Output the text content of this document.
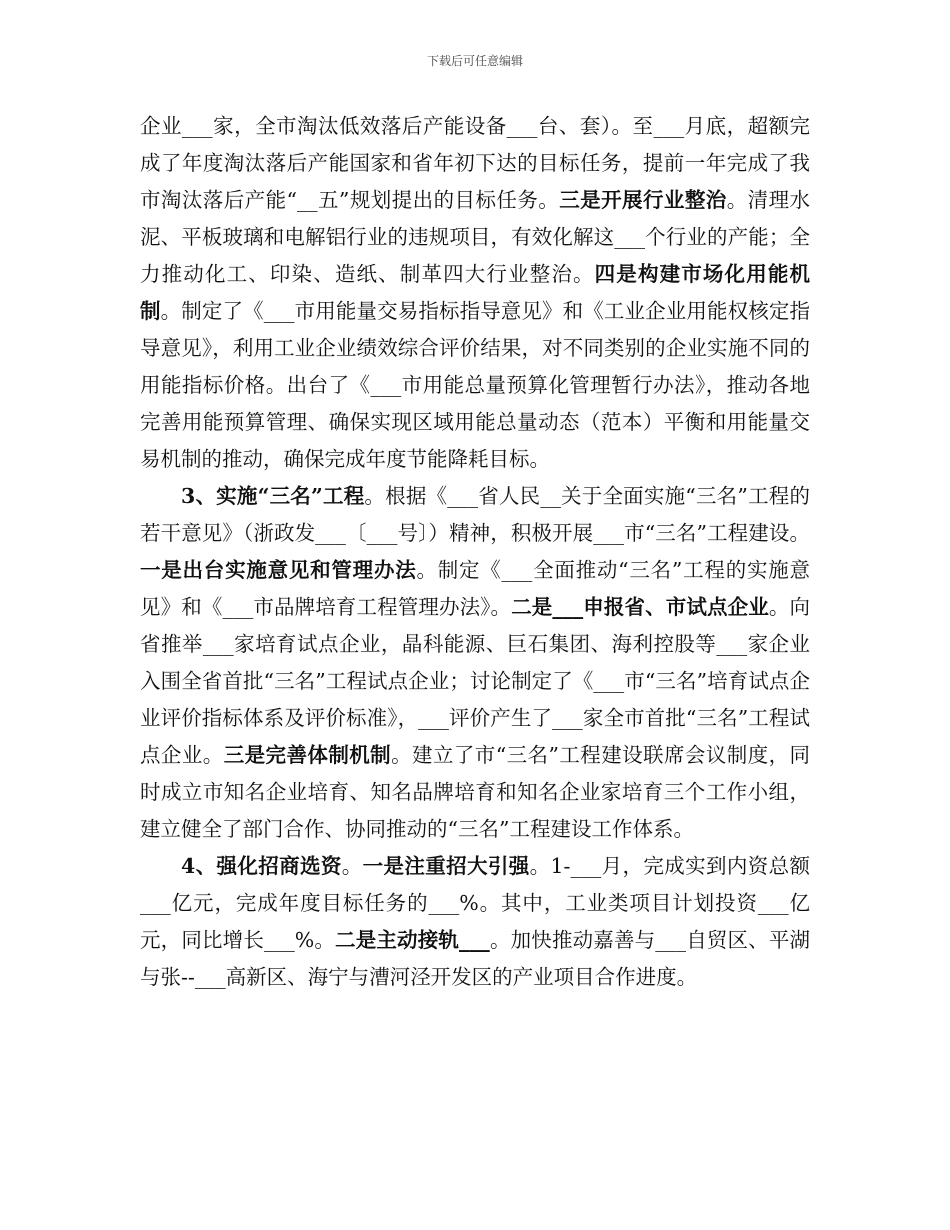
下载后可任意编辑

企业___家，全市淘汰低效落后产能设备___台、套）。至___月底，超额完成了年度淘汰落后产能国家和省年初下达的目标任务，提前一年完成了我市淘汰落后产能“__五”规划提出的目标任务。三是开展行业整治。清理水泥、平板玻璃和电解铝行业的违规项目，有效化解这___个行业的产能；全力推动化工、印染、造纸、制革四大行业整治。四是构建市场化用能机制。制定了《___市用能量交易指标指导意见》和《工业企业用能权核定指导意见》，利用工业企业绩效综合评价结果，对不同类别的企业实施不同的用能指标价格。出台了《___市用能总量预算化管理暂行办法》，推动各地完善用能预算管理、确保实现区域用能总量动态（范本）平衡和用能量交易机制的推动，确保完成年度节能降耗目标。

3、实施“三名”工程。根据《___省人民__关于全面实施“三名”工程的若干意见》（浙政发___〔___号〕）精神，积极开展___市“三名”工程建设。一是出台实施意见和管理办法。制定《___全面推动“三名”工程的实施意见》和《___市品牌培育工程管理办法》。二是___申报省、市试点企业。向省推举___家培育试点企业，晶科能源、巨石集团、海利控股等___家企业入围全省首批“三名”工程试点企业；讨论制定了《___市“三名”培育试点企业评价指标体系及评价标准》，___评价产生了___家全市首批“三名”工程试点企业。三是完善体制机制。建立了市“三名”工程建设联席会议制度，同时成立市知名企业培育、知名品牌培育和知名企业家培育三个工作小组，建立健全了部门合作、协同推动的“三名”工程建设工作体系。

4、强化招商选资。一是注重招大引强。1-___月，完成实到内资总额___亿元，完成年度目标任务的___%。其中，工业类项目计划投资___亿元，同比增长___%。二是主动接轨___。加快推动嘉善与___自贸区、平湖与张--___高新区、海宁与漕河泾开发区的产业项目合作进度。
